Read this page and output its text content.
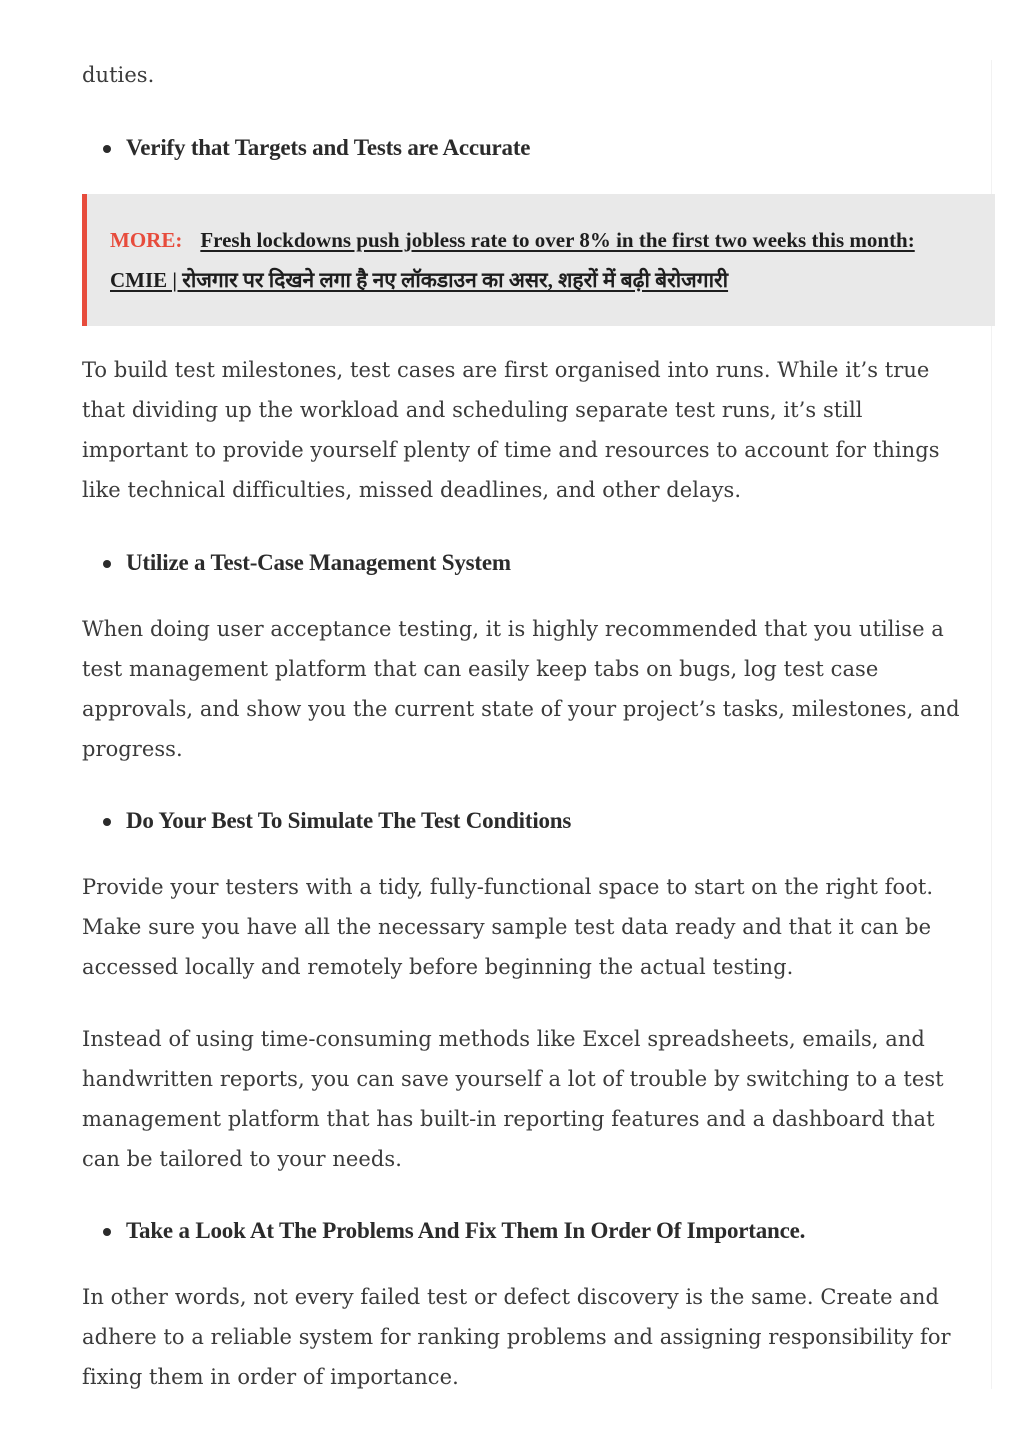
duties.

Verify that Targets and Tests are Accurate
MORE: Fresh lockdowns push jobless rate to over 8% in the first two weeks this month: CMIE | रोजगार पर दिखने लगा है नए लॉकडाउन का असर, शहरों में बढ़ी बेरोजगारी

To build test milestones, test cases are first organised into runs. While it’s true that dividing up the workload and scheduling separate test runs, it’s still important to provide yourself plenty of time and resources to account for things like technical difficulties, missed deadlines, and other delays.

Utilize a Test-Case Management System

When doing user acceptance testing, it is highly recommended that you utilise a test management platform that can easily keep tabs on bugs, log test case approvals, and show you the current state of your project’s tasks, milestones, and progress.

Do Your Best To Simulate The Test Conditions

Provide your testers with a tidy, fully-functional space to start on the right foot. Make sure you have all the necessary sample test data ready and that it can be accessed locally and remotely before beginning the actual testing.

Instead of using time-consuming methods like Excel spreadsheets, emails, and handwritten reports, you can save yourself a lot of trouble by switching to a test management platform that has built-in reporting features and a dashboard that can be tailored to your needs.

Take a Look At The Problems And Fix Them In Order Of Importance.

In other words, not every failed test or defect discovery is the same. Create and adhere to a reliable system for ranking problems and assigning responsibility for fixing them in order of importance.
